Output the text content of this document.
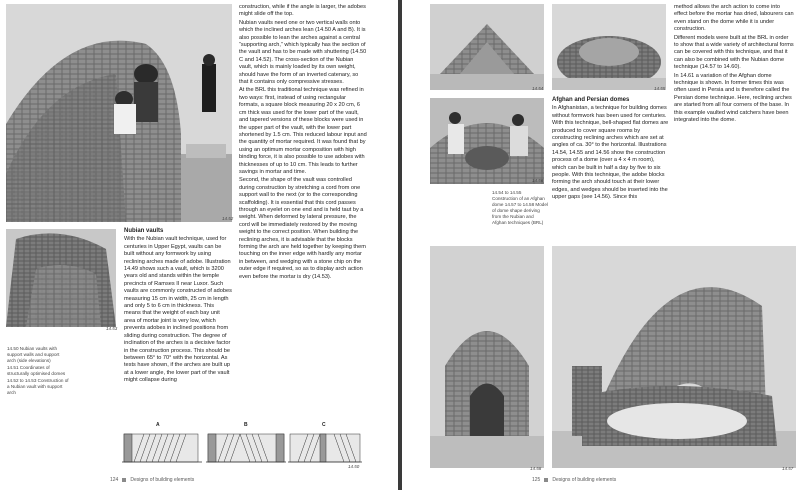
14.52
14.53

14.50 Nubian vaults with support walls and support arch (side elevations)

14.51 Coordinates of structurally optimised domes

14.52 to 14.53 Construction of a Nubian vault with support arch

Nubian vaults

With the Nubian vault technique, used for centuries in Upper Egypt, vaults can be built without any formwork by using reclining arches made of adobe. Illustration 14.49 shows such a vault, which is 3200 years old and stands within the temple precincts of Ramses II near Luxor. Such vaults are commonly constructed of adobes measuring 15 cm in width, 25 cm in length and only 5 to 6 cm in thickness. This means that the weight of each bay unit area of mortar joint is very low, which prevents adobes in inclined positions from sliding during construction. The degree of inclination of the arches is a decisive factor in the construction process. This should be between 65° to 70° with the horizontal. As tests have shown, if the arches are built up at a lower angle, the lower part of the vault might collapse during

construction, while if the angle is larger, the adobes might slide off the top.

Nubian vaults need one or two vertical walls onto which the inclined arches lean (14.50 A and B). It is also possible to lean the arches against a central “supporting arch,” which typically has the section of the vault and has to be made with shuttering (14.50 C and 14.52). The cross-section of the Nubian vault, which is mainly loaded by its own weight, should have the form of an inverted catenary, so that it contains only compressive stresses.

At the BRL this traditional technique was refined in two ways: first, instead of using rectangular formats, a square block measuring 20 x 20 cm, 6 cm thick was used for the lower part of the vault, and tapered versions of these blocks were used in the upper part of the vault, with the lower part shortened by 1.5 cm. This reduced labour input and the quantity of mortar required. It was found that by using an optimum mortar composition with high binding force, it is also possible to use adobes with thicknesses of up to 10 cm. This leads to further savings in mortar and time.

Second, the shape of the vault was controlled during construction by stretching a cord from one support wall to the next (or to the corresponding scaffolding). It is essential that this cord passes through an eyelet on one end and is held taut by a weight. When deformed by lateral pressure, the cord will be immediately restored by the moving weight to the correct position. When building the reclining arches, it is advisable that the blocks forming the arch are held together by keeping them touching on the inner edge with hardly any mortar in between, and wedging with a stone chip on the outer edge if required, so as to display arch action even before the mortar is dry (14.53).

A	B	C
14.50
124 Designs of building elements
14.54	14.55
14.56

14.54 to 14.55 Construction of an Afghan dome 14.57 to 14.58 Model of dome shape deriving from the Nubian and Afghan techniques (BRL)

Afghan and Persian domes

In Afghanistan, a technique for building domes without formwork has been used for centuries. With this technique, bell-shaped flat domes are produced to cover square rooms by constructing reclining arches which are set at angles of ca. 30° to the horizontal. Illustrations 14.54, 14.55 and 14.56 show the construction process of a dome (over a 4 x 4 m room), which can be built in half a day by five to six people. With this technique, the adobe blocks forming the arch should touch at their lower edges, and wedges should be inserted into the upper gaps (see 14.56). Since this

method allows the arch action to come into effect before the mortar has dried, labourers can even stand on the dome while it is under construction.

Different models were built at the BRL in order to show that a wide variety of architectural forms can be covered with this technique, and that it can also be combined with the Nubian dome technique (14.57 to 14.60).

In 14.61 a variation of the Afghan dome technique is shown. In former times this was often used in Persia and is therefore called the Persian dome technique. Here, reclining arches are started from all four corners of the base. In this example vaulted wind catchers have been integrated into the dome.

14.58	14.57
125 Designs of building elements
